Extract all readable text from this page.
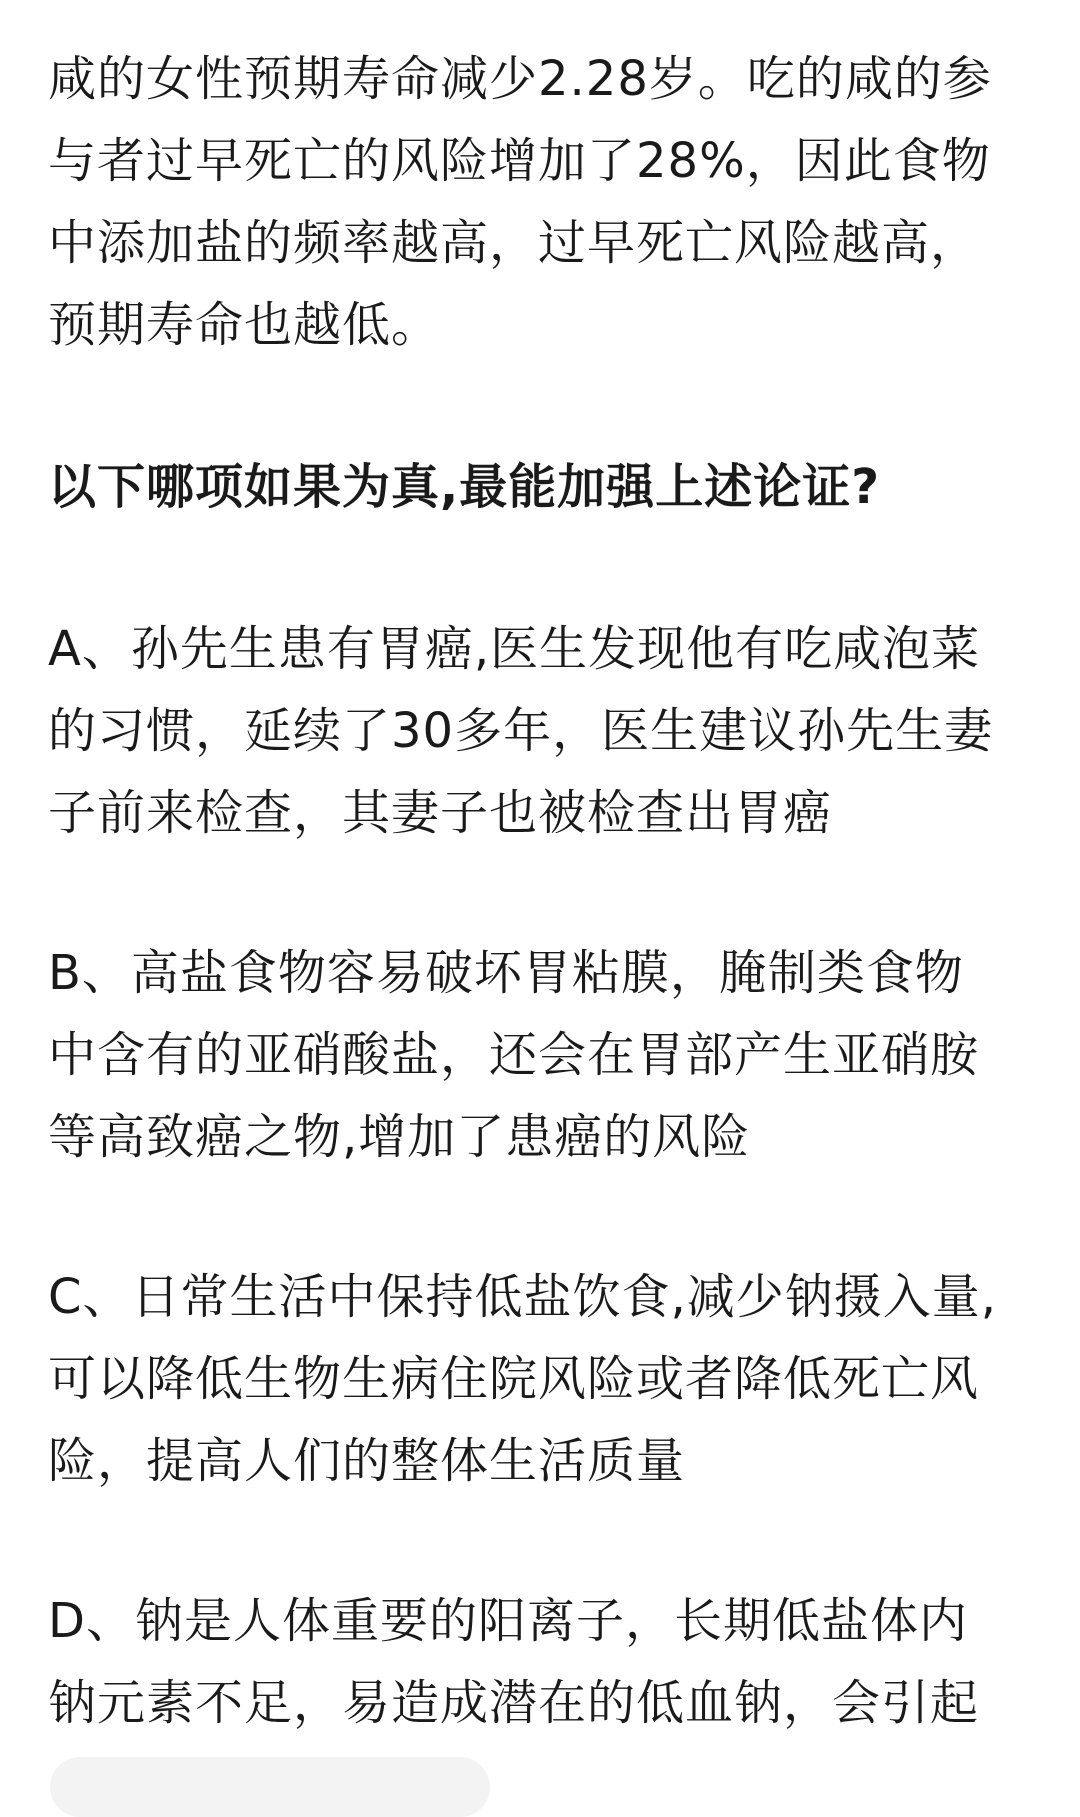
咸的女性预期寿命减少2.28岁。吃的咸的参
与者过早死亡的风险增加了28%，因此食物
中添加盐的频率越高，过早死亡风险越高，
预期寿命也越低。

以下哪项如果为真,最能加强上述论证?

A、孙先生患有胃癌,医生发现他有吃咸泡菜
的习惯，延续了30多年，医生建议孙先生妻
子前来检查，其妻子也被检查出胃癌

B、高盐食物容易破坏胃粘膜，腌制类食物
中含有的亚硝酸盐，还会在胃部产生亚硝胺
等高致癌之物,增加了患癌的风险

C、日常生活中保持低盐饮食,减少钠摄入量,
可以降低生物生病住院风险或者降低死亡风
险，提高人们的整体生活质量

D、钠是人体重要的阳离子，长期低盐体内
钠元素不足，易造成潜在的低血钠，会引起
